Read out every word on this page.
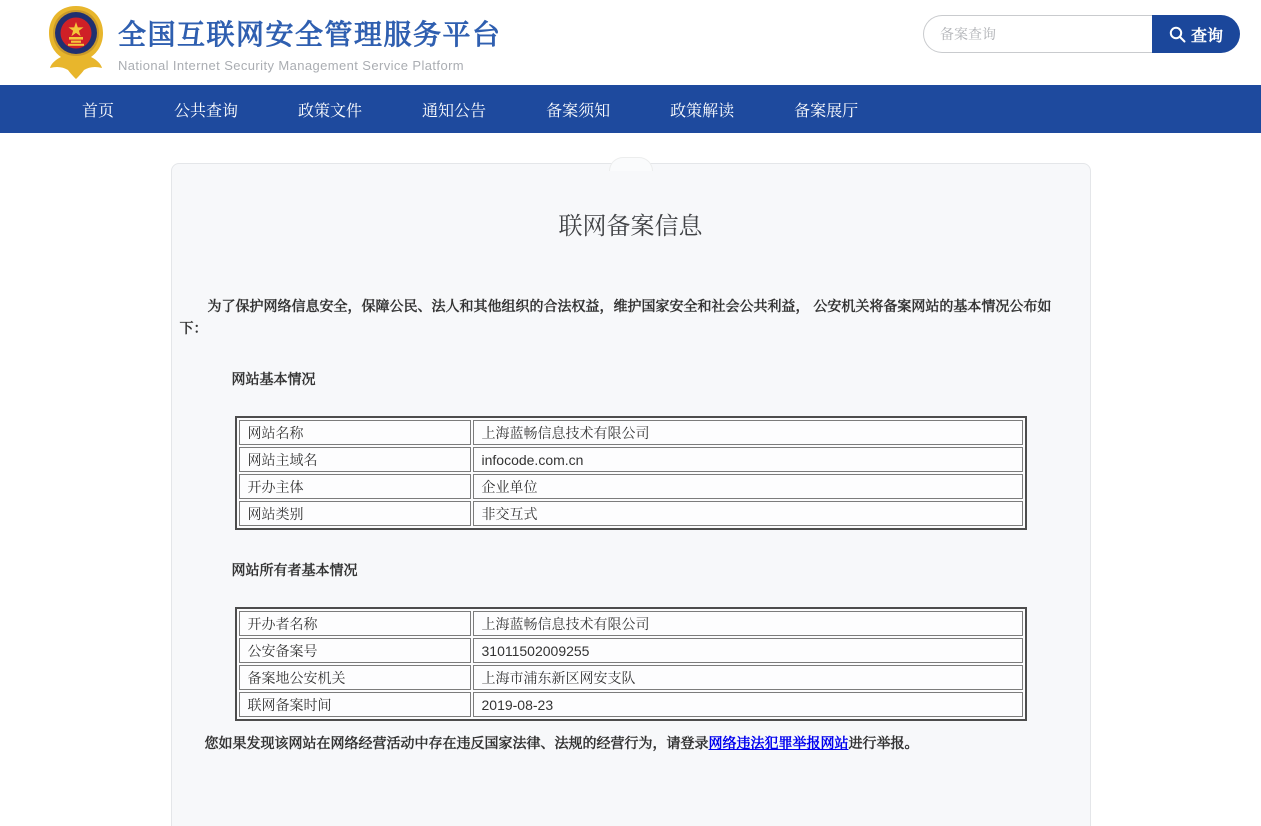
全国互联网安全管理服务平台
National Internet Security Management Service Platform
备案查询
查询
首页	公共查询	政策文件	通知公告	备案须知	政策解读	备案展厅
联网备案信息

为了保护网络信息安全，保障公民、法人和其他组织的合法权益，维护国家安全和社会公共利益， 公安机关将备案网站的基本情况公布如下：

网站基本情况
网站名称	上海蓝畅信息技术有限公司
网站主域名	infocode.com.cn
开办主体	企业单位
网站类别	非交互式
网站所有者基本情况
开办者名称	上海蓝畅信息技术有限公司
公安备案号	31011502009255
备案地公安机关	上海市浦东新区网安支队
联网备案时间	2019-08-23

您如果发现该网站在网络经营活动中存在违反国家法律、法规的经营行为，请登录网络违法犯罪举报网站进行举报。
